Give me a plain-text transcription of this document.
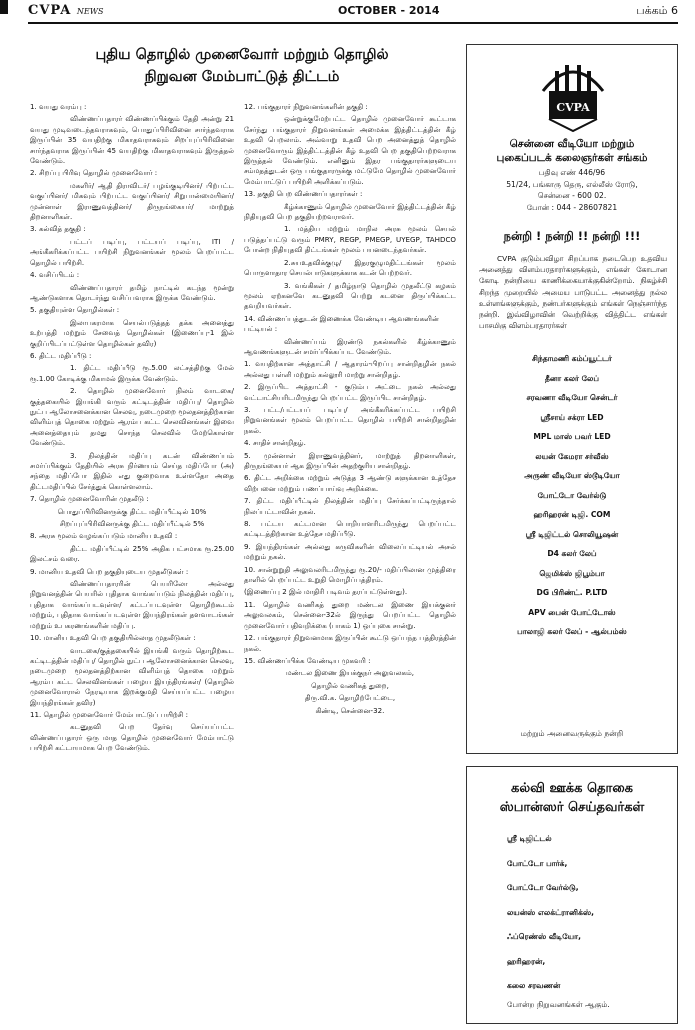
CVPA NEWS	OCTOBER - 2014	பக்கம் 6
புதிய தொழில் முனைவோர் மற்றும் தொழில்
நிறுவன மேம்பாட்டுத் திட்டம்

1. வயது வரம்பு :

விண்ணப்பதாரர் விண்ணப்பிக்கும் தேதி அன்று 21 வயது முடிவடைந்தவராகவும், பொதுப்பிரிவினை சார்ந்தவராக இருப்பின் 35 வயதிற்கு மிகாதவராகவும் சிறப்புப்பிரிவினை சார்ந்தவராக இருப்பின் 45 வயதிற்கு மிகாதவராகவும் இருத்தல் வேண்டும்.

2. சிறப்பு பிரிவு தொழில் முனைவோர் :

மகளிர்/ ஆதி திராவிடர்/ பழங்குடியினர்/ பிற்பட்ட வகுப்பினர்/ மிகவும் பிற்பட்ட வகுப்பினர்/ சிறுபான்மையினர்/ முன்னாள் இராணுவத்தினர்/ திருநங்கையர்/ மாற்றுத் திறனாளிகள்.

3. கல்வித் தகுதி :

பட்டப் படிப்பு, பட்டயப் படிப்பு, ITI / அங்கீகரிக்கப்பட்ட பயிற்சி நிறுவனங்கள் மூலம் பெறப்பட்ட தொழில் பயிற்சி.

4. வசிப்பிடம் :

விண்ணப்பதாரர் தமிழ் நாட்டில் கடந்த மூன்று ஆண்டுகளாக தொடர்ந்து வசிப்பவராக இருக்க வேண்டும்.

5. தகுதியுள்ள தொழில்கள் :

இலாபகரமாக செயல்படுத்தத் தக்க அனைத்து உற்பத்தி மற்றும் சேவைத் தொழில்கள் (இணைப்பு-1 இல் குறிப்பிடப்பட்டுள்ள தொழில்கள் தவிர)

6. திட்ட மதிப்பீடு :

1. திட்ட மதிப்பீடு ரூ.5.00 லட்சத்திற்கு மேல் ரூ.1.00 கோடிக்கு மிகாமல் இருக்க வேண்டும்.

2. தொழில் முனைவோர் நிலம் வாடகை/ குத்தகையில் இயங்கி வரும் கட்டிடத்தின் மதிப்பு/ தொழில் நுட்ப ஆலோசனைக்கான செலவு, நடைமுறை மூலதனத்திற்கான விளிம்புத் தொகை மற்றும் ஆரம்ப கட்ட செலவினங்கள் இவை அனைத்தையும் தமது சொந்த செலவில் மேற்கொள்ள வேண்டும்.

3. நிலத்தின் மதிப்பு கடன் விண்ணப்பம் சமர்ப்பிக்கும் தேதியில் அரசு நிர்ணயம் செய்த மதிப்போ (அ) சந்தை மதிப்போ இதில் எது குறைவாக உள்ளதோ அதை திட்டமதிப்பில் சேர்த்துக் கொள்ளலாம்.

7. தொழில் முனைவோரின் முதலீடு :

பொதுப்பிரிவினருக்கு திட்ட மதிப்பீட்டில் 10%

சிறப்புப்பிரிவினருக்கு திட்ட மதிப்பீட்டில் 5%

8. அரசு மூலம் வழங்கப்படும் மானிய உதவி :

திட்ட மதிப்பீட்டில் 25% அதிக பட்சமாக ரூ.25.00 இலட்சம் வரை.

9. மானிய உதவி பெற தகுதியுடைய முதலீடுகள் :

விண்ணப்பதாரரின் பெயரிலோ அல்லது நிறுவனத்தின் பெயரில் புதிதாக வாங்கப்படும் நிலத்தின் மதிப்பு, புதிதாக வாங்கப்படவுள்ள/ கட்டப்படவுள்ள தொழிற்கூடம் மற்றும், புதிதாக வாங்கப்படவுள்ள இயந்திரங்கள் தளவாடங்கள் மற்றும் உபகரணங்களின் மதிப்பு.

10. மானிய உதவி பெற தகுதியில்லாத முதலீடுகள் :

வாடகை/குத்தகையில் இயங்கி வரும் தொழிற்கூட கட்டிடத்தின் மதிப்பு/ தொழில் நுட்ப ஆலோசனைக்கான செலவு, நடைமுறை மூலதனத்திற்கான விளிம்புத் தொகை மற்றும் ஆரம்ப கட்ட செலவினங்கள் பழைய இயந்திரங்கள்/ (தொழில் முனைவோரால் நேரடியாக இறக்குமதி செய்யப்பட்ட பழைய இயந்திரங்கள் தவிர)

11. தொழில் முனைவோர் மேம்பாட்டுப் பயிற்சி :

கடனுதவி பெற தேர்வு செய்யப்பட்ட விண்ணப்பதாரர் ஒரு மாத தொழில் முனைவோர் மேம்பாட்டு பயிற்சி கட்டாயமாக பெற வேண்டும்.

12. பங்குதாரர் நிறுவனங்களின் தகுதி :

ஒன்றுக்குமேற்பட்ட தொழில் முனைவோர் கூட்டாக சேர்ந்து பங்குதாரர் நிறுவனங்கள் அமைக்க இத்திட்டத்தின் கீழ் உதவி பெறலாம். அவ்வாறு உதவி பெற அனைத்துத் தொழில் முனைவோரும் இத்திட்டத்தின் கீழ் உதவி பெற தகுதிபெற்றவராக இருத்தல் வேண்டும். எனினும் இதர பங்குதாரர்களுடைய சம்மதத்துடன் ஒரு பங்குதாரருக்கு மட்டுமே தொழில் முனைவோர் மேம்பாட்டுப் பயிற்சி அளிக்கப்படும்.

13. தகுதி பெற விண்ணப்பதாரர்கள் :

கீழ்க்காணும் தொழில் முனைவோர் இத்திட்டத்தின் கீழ் நிதியுதவி பெற தகுதியற்றவராவர்.

1. மத்திய மற்றும் மாநில அரசு மூலம் செயல் படுத்தப்பட்டு வரும் PMRY, REGP, PMEGP, UYEGP, TAHDCO போன்ற நிதியுதவி திட்டங்கள் மூலம் பயனடைந்தவர்கள்.

2.சுயஉதவிக்குழு/ இதரகுழுமதிட்டங்கள் மூலம் பொருளாதார செயல்பாடுகளுக்காக கடன் பெற்றவர்.

3. வங்கிகள் / தமிழ்நாடு தொழில் முதலீட்டு கழகம் மூலம் ஏற்கனவே கடனுதவி பெற்று கடனை திருப்பிக்கட்ட தவறியவர்கள்.

14. விண்ணப்பத்துடன் இணைக்க வேண்டிய ஆவணங்களின் பட்டியல் :

விண்ணப்பம் இரண்டு நகல்களில் கீழ்க்காணும் ஆவணங்களுடன் சமர்ப்பிக்கப்பட வேண்டும்.

1. வயதிற்கான அத்தாட்சி / ஆதாரம்-பிறப்பு சான்றிதழின் நகல் அல்லது பள்ளி மற்றும் கல்லூரி மாற்று சான்றிதழ்.

2. இருப்பிட அத்தாட்சி - குடும்ப அட்டை நகல் அல்லது வட்டாட்சியரிடமிருந்து பெறப்பட்ட இருப்பிட சான்றிதழ்.

3. பட்ட/பட்டயப் படிப்பு/ அங்கீகரிக்கப்பட்ட பயிற்சி நிறுவனங்கள் மூலம் பெறப்பட்ட தொழில் பயிற்சி சான்றிதழின் நகல்.

4. சாதிச் சான்றிதழ்.

5. முன்னாள் இராணுவத்தினர், மாற்றுத் திறனாளிகள், திருநங்கையர் ஆக இருப்பின் அதற்குரிய சான்றிதழ்.

6. திட்ட அறிக்கை மற்றும் அடுத்த 3 ஆண்டு களுக்கான உத்தேச விற்பனை மற்றும் பணப்பாய்வு அறிக்கை.

7. திட்ட மதிப்பீட்டில் நிலத்தின் மதிப்பு சேர்க்கப்பட்டிருந்தால் நிலப்பட்டாவின் நகல்.

8. பட்டய கட்டமான பொறியாளரிடமிருந்து பெறப்பட்ட கட்டிடத்திற்கான உத்தேச மதிப்பீடு.

9. இயந்திரங்கள் அல்லது கருவிகளின் விலைப்பட்டியல் அசல் மற்றும் நகல்.

10. சான்றுறுதி அலுவலரிடமிருந்து ரூ.20/- மதிப்பிலான முத்திரை தாளில் பெறப்பட்ட உறுதி மொழிப்பத்திரம்.

(இணைப்பு 2 இல் மாதிரி படிவம் தரப்பட்டுள்ளது).

11. தொழில் வணிகத் துறை மண்டல இணை இயக்குனர் அலுவலகம், சென்னை-32ல் இருந்து பெறப்பட்ட தொழில் முனைவோர் பதிவறிக்கை (பாகம் 1) ஒப்புகை சான்று.

12. பங்குதாரர் நிறுவனமாக இருப்பின் கூட்டு ஒப்பந்த பத்திரத்தின் நகல்.

15. விண்ணப்பிக்க வேண்டிய முகவரி :

மண்டல இணை இயக்குநர் அலுவலகம்,

தொழில் வணிகத் துறை,

திரு.வி.க. தொழிற்பேட்டை,

கிண்டி, சென்னை-32.

CVPA
சென்னை வீடியோ மற்றும்
புகைப்படக் கலைஞர்கள் சங்கம்
பதிவு எண் 446/96
51/24, பங்காரு தெரு, எல்லீஸ் ரோடு,
சென்னை - 600 02.
போன் : 044 - 28607821
நன்றி ! நன்றி !! நன்றி !!!
CVPA குடும்பவிழா சிறப்பாக நடைபெற உதவிய அனைத்து விளம்பரதாரர்களுக்கும், எங்கள் கோடான கோடி நன்றியை காணிக்கையாக்குகின்றோம். நிகழ்ச்சி சிறந்த முறையில் அமைய பாடுபட்ட அனைத்து நல்ல உள்ளங்களுக்கும், நண்பர்களுக்கும் எங்கள் நெஞ்சார்ந்த நன்றி. இவ்விழாவின் வெற்றிக்கு வித்திட்ட எங்கள் பாசமிகு விளம்பரதாரர்கள்
சிந்தாமணி கம்ப்யூட்டர்
தீனா கலர் லேப்
சரவணா வீடியோ சென்டர்
ஸ்ரீசாய் சக்ரா LED
MPL மாஸ் பவர் LED
லயன் கேமரா சர்வீஸ்
அருண் வீடியோ ஸ்டூடியோ
போட்டோ வேர்ல்டு
ஹரிஹரன் டிஜி. COM
ஸ்ரீ டிஜிட்டல் சொலியூஷன்
D4 கலர் லேப்
ஜெமிக்ஸ் ஜிபூம்பா
DG பிரிண்ட். P.LTD
APV பைன் போட்டோஸ்
பாலாஜி கலர் லேப் - ஆல்பம்ஸ்
மற்றும் அனைவருக்கும் நன்றி
கல்வி ஊக்க தொகை
ஸ்பான்ஸர் செய்தவர்கள்
ஸ்ரீ டிஜிட்டல்
போட்டோ பார்க்,
போட்டோ வேர்ல்டு,
லயன்ஸ் எலக்ட்ரானிக்ஸ்,
ஃப்ரெண்ஸ் வீடியோ,
ஹரிஹரன்,
கலை சரவணன்
போன்ற நிறுவனங்கள் ஆகும்.
